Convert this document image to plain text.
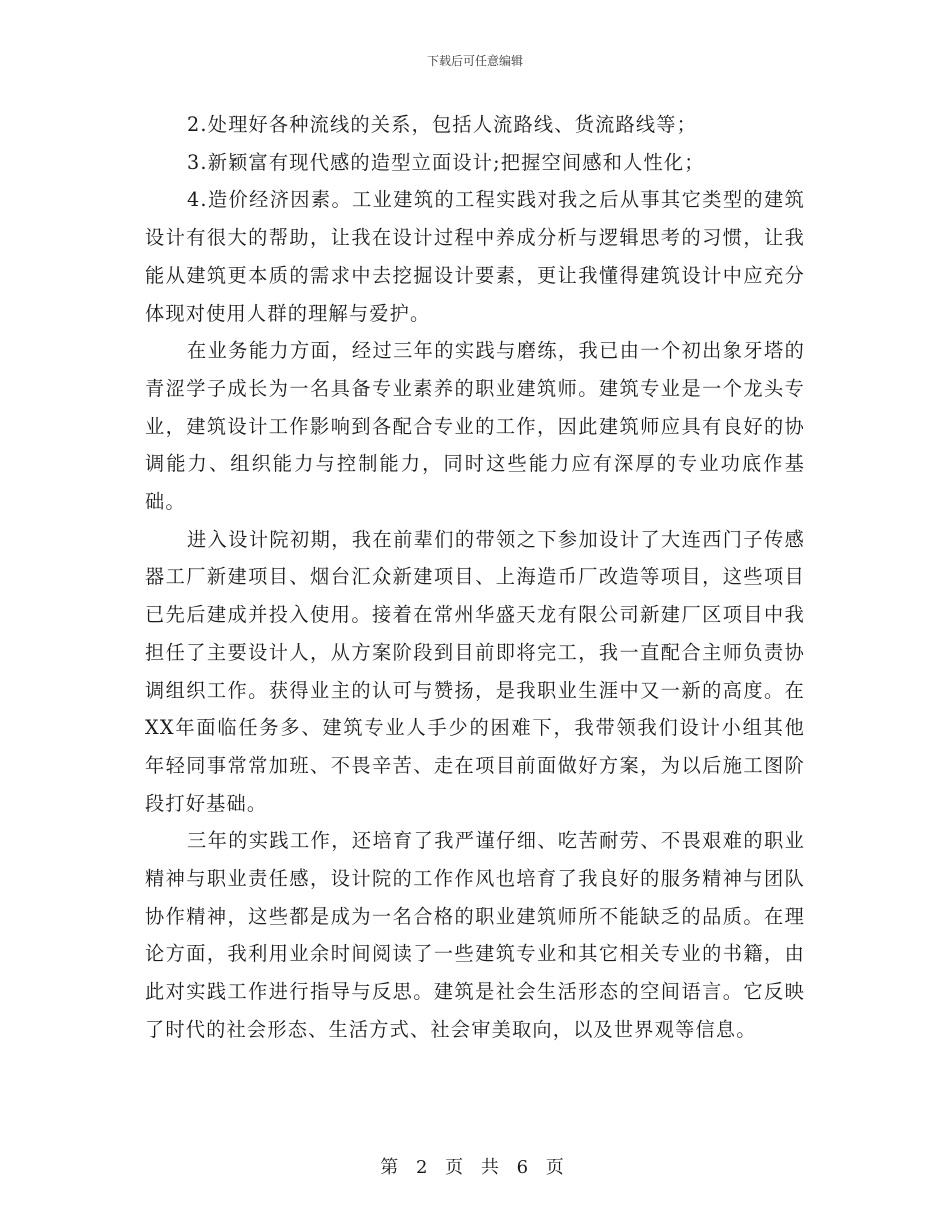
下载后可任意编辑

2.处理好各种流线的关系，包括人流路线、货流路线等；

3.新颖富有现代感的造型立面设计;把握空间感和人性化；

4.造价经济因素。工业建筑的工程实践对我之后从事其它类型的建筑设计有很大的帮助，让我在设计过程中养成分析与逻辑思考的习惯，让我能从建筑更本质的需求中去挖掘设计要素，更让我懂得建筑设计中应充分体现对使用人群的理解与爱护。

在业务能力方面，经过三年的实践与磨练，我已由一个初出象牙塔的青涩学子成长为一名具备专业素养的职业建筑师。建筑专业是一个龙头专业，建筑设计工作影响到各配合专业的工作，因此建筑师应具有良好的协调能力、组织能力与控制能力，同时这些能力应有深厚的专业功底作基础。

进入设计院初期，我在前辈们的带领之下参加设计了大连西门子传感器工厂新建项目、烟台汇众新建项目、上海造币厂改造等项目，这些项目已先后建成并投入使用。接着在常州华盛天龙有限公司新建厂区项目中我担任了主要设计人，从方案阶段到目前即将完工，我一直配合主师负责协调组织工作。获得业主的认可与赞扬，是我职业生涯中又一新的高度。在XX年面临任务多、建筑专业人手少的困难下，我带领我们设计小组其他年轻同事常常加班、不畏辛苦、走在项目前面做好方案，为以后施工图阶段打好基础。

三年的实践工作，还培育了我严谨仔细、吃苦耐劳、不畏艰难的职业精神与职业责任感，设计院的工作作风也培育了我良好的服务精神与团队协作精神，这些都是成为一名合格的职业建筑师所不能缺乏的品质。在理论方面，我利用业余时间阅读了一些建筑专业和其它相关专业的书籍，由此对实践工作进行指导与反思。建筑是社会生活形态的空间语言。它反映了时代的社会形态、生活方式、社会审美取向，以及世界观等信息。

第 2 页 共 6 页
